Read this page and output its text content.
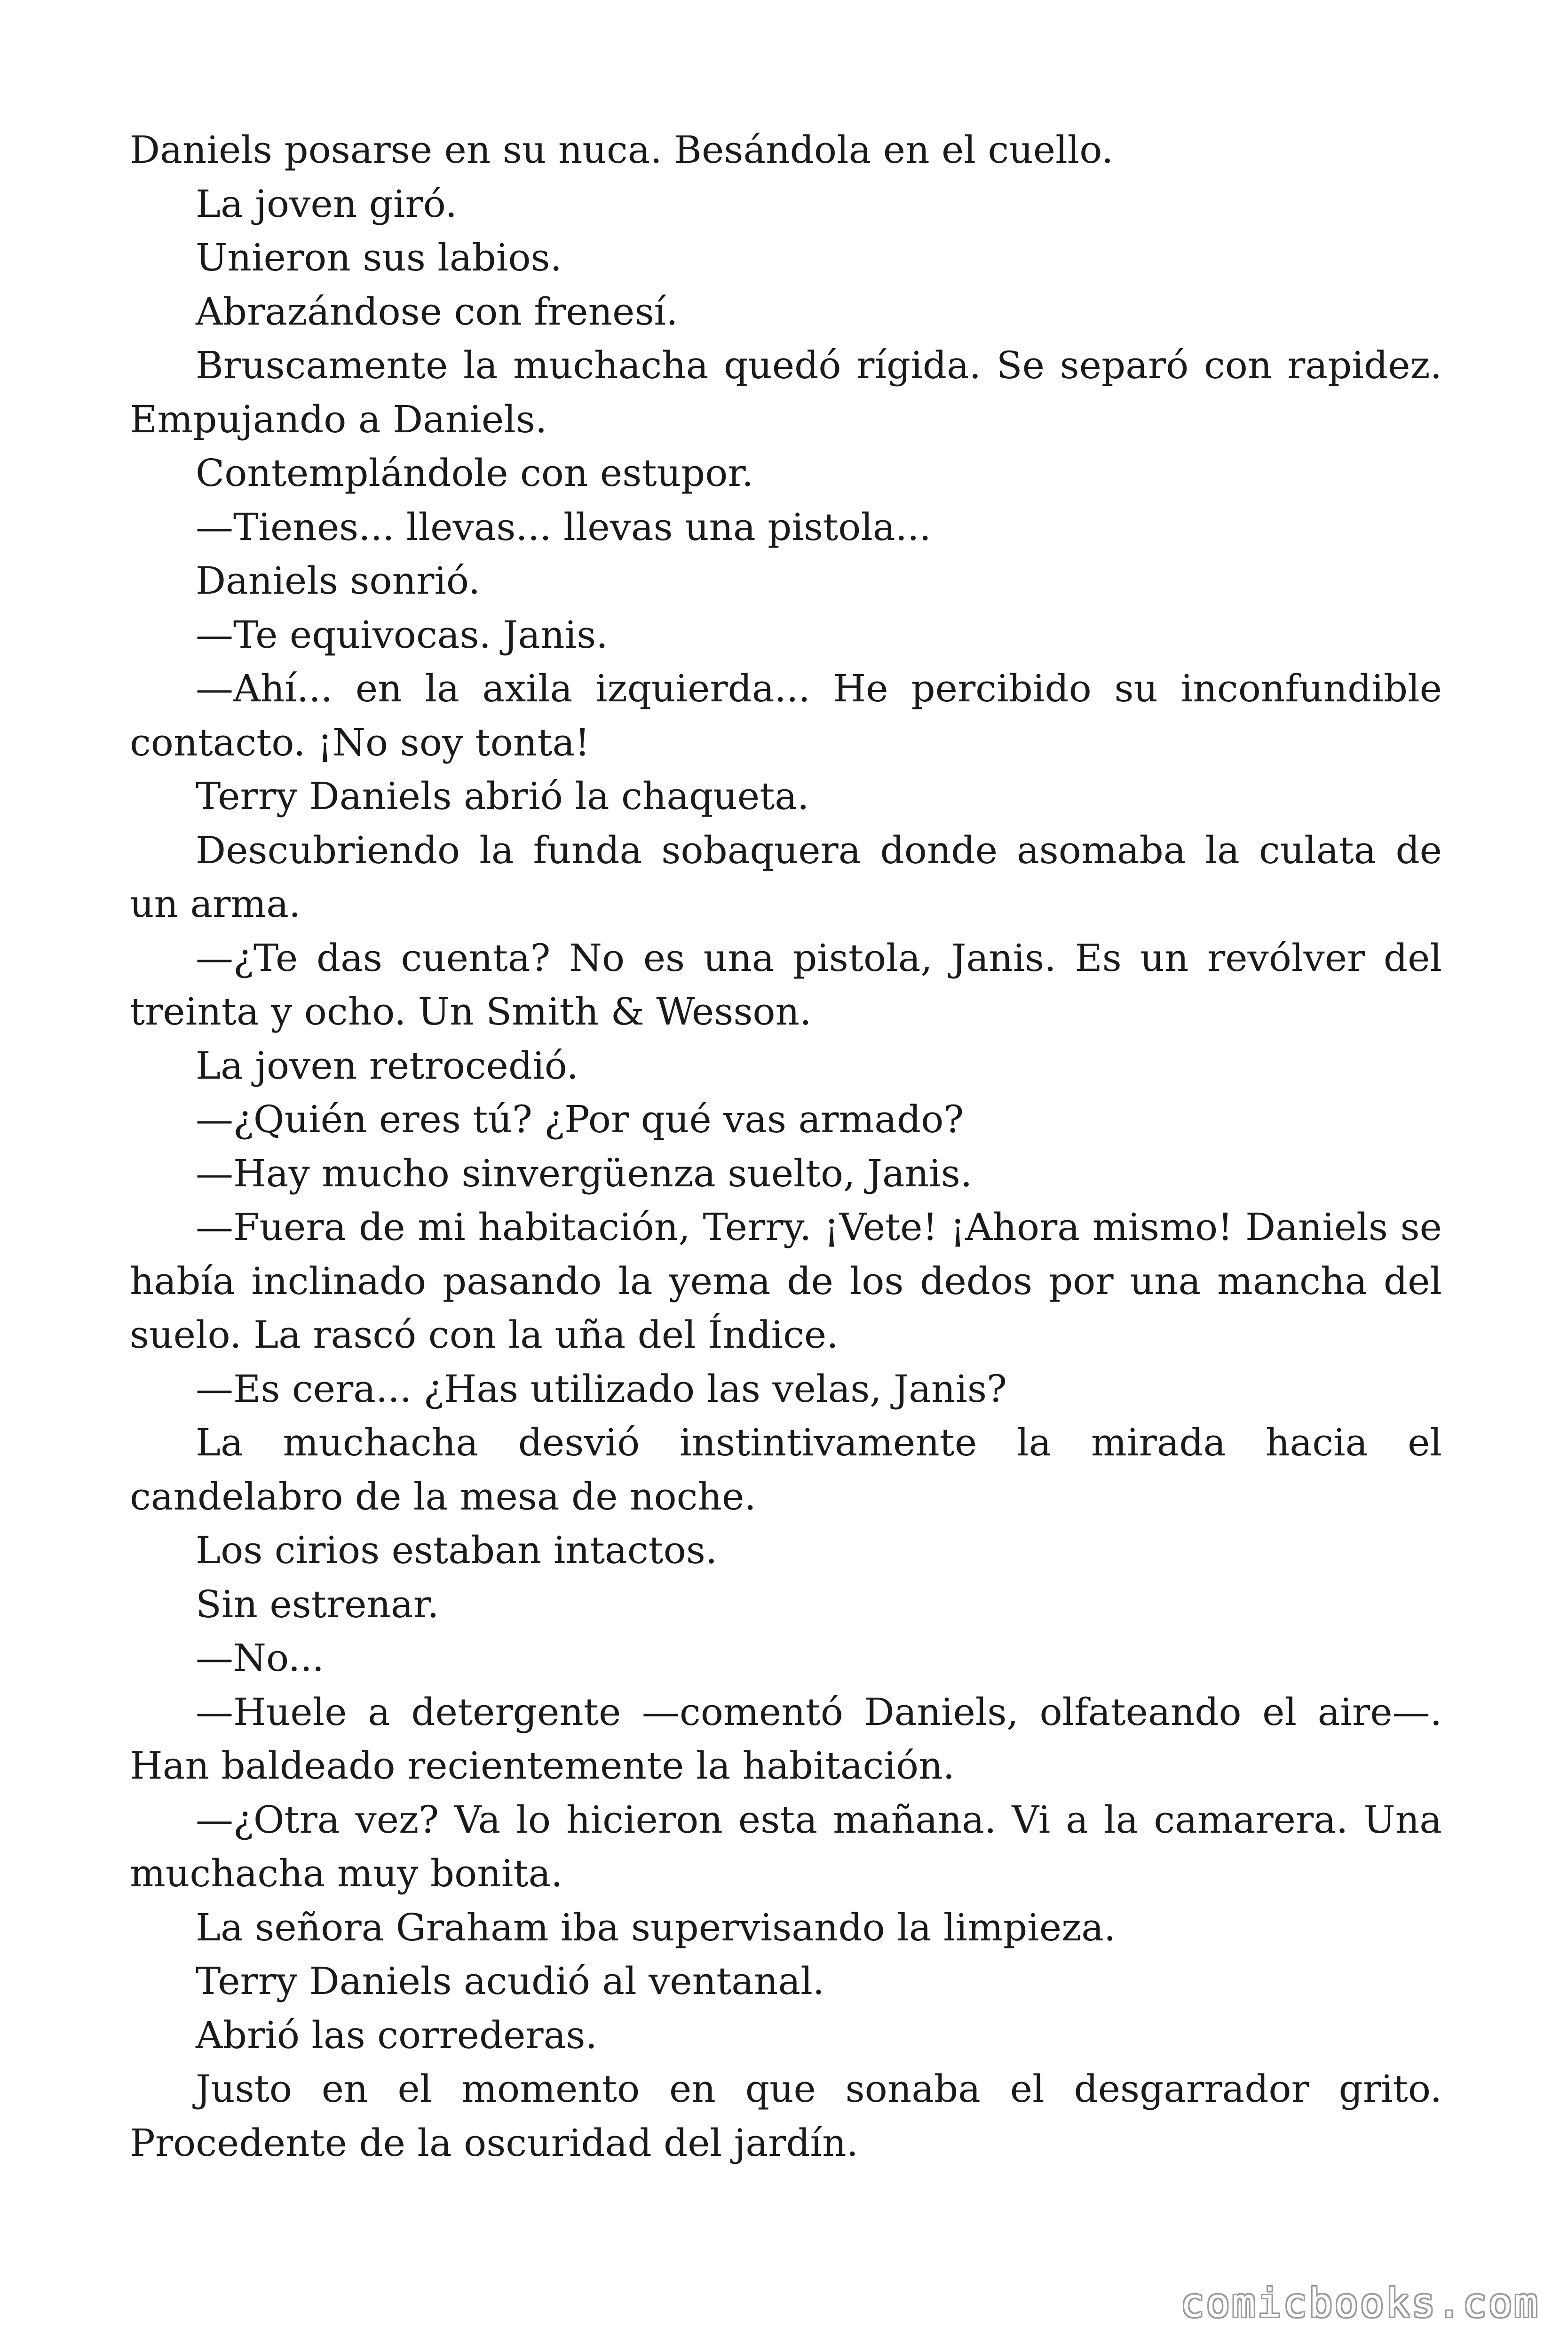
Daniels posarse en su nuca. Besándola en el cuello.

La joven giró.

Unieron sus labios.

Abrazándose con frenesí.

Bruscamente la muchacha quedó rígida. Se separó con rapidez. Empujando a Daniels.

Contemplándole con estupor.

—Tienes... llevas... llevas una pistola...

Daniels sonrió.

—Te equivocas. Janis.

—Ahí... en la axila izquierda... He percibido su inconfundible contacto. ¡No soy tonta!

Terry Daniels abrió la chaqueta.

Descubriendo la funda sobaquera donde asomaba la culata de un arma.

—¿Te das cuenta? No es una pistola, Janis. Es un revólver del treinta y ocho. Un Smith & Wesson.

La joven retrocedió.

—¿Quién eres tú? ¿Por qué vas armado?

—Hay mucho sinvergüenza suelto, Janis.

—Fuera de mi habitación, Terry. ¡Vete! ¡Ahora mismo! Daniels se había inclinado pasando la yema de los dedos por una mancha del suelo. La rascó con la uña del Índice.

—Es cera... ¿Has utilizado las velas, Janis?

La muchacha desvió instintivamente la mirada hacia el candelabro de la mesa de noche.

Los cirios estaban intactos.

Sin estrenar.

—No...

—Huele a detergente —comentó Daniels, olfateando el aire—. Han baldeado recientemente la habitación.

—¿Otra vez? Va lo hicieron esta mañana. Vi a la camarera. Una muchacha muy bonita.

La señora Graham iba supervisando la limpieza.

Terry Daniels acudió al ventanal.

Abrió las correderas.

Justo en el momento en que sonaba el desgarrador grito. Procedente de la oscuridad del jardín.

comicbooks.com
